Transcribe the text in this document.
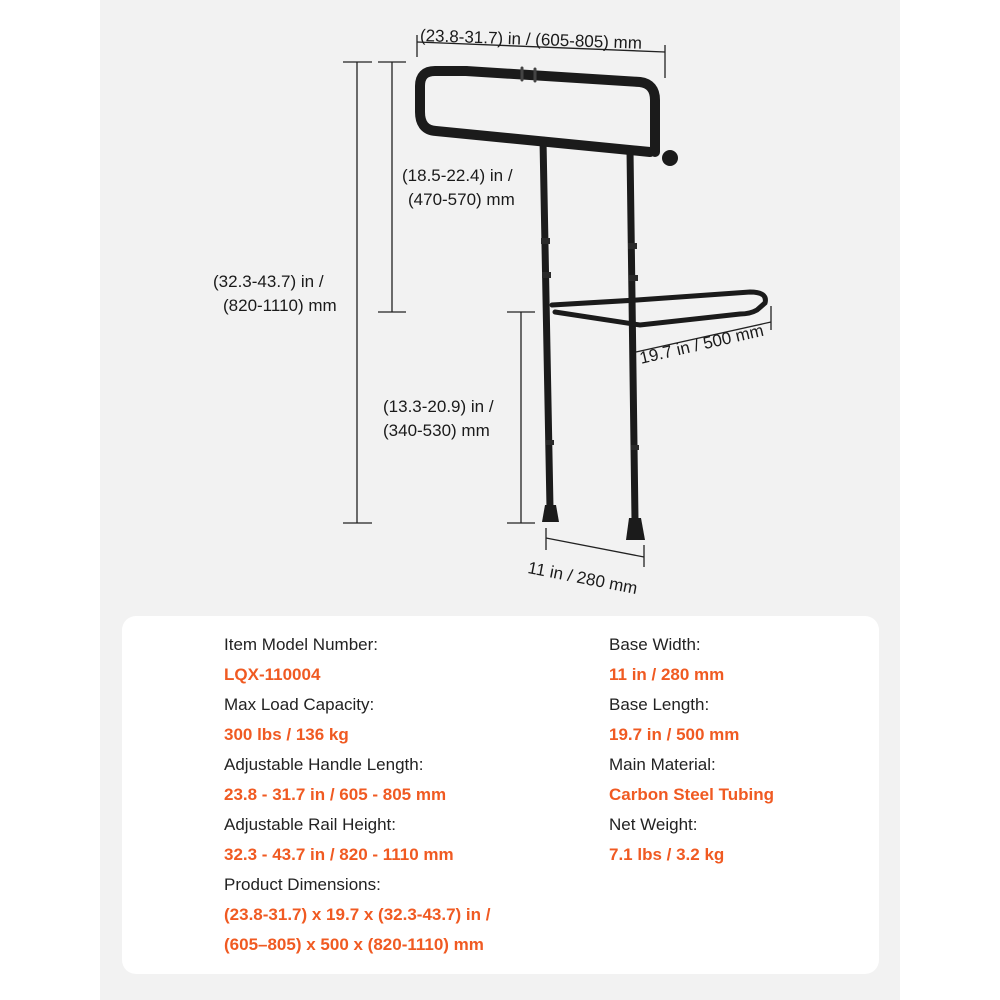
(23.8-31.7) in / (605-805) mm
(18.5-22.4) in /
(470-570) mm
(32.3-43.7) in /
(820-1110) mm
19.7 in / 500 mm
(13.3-20.9) in /
(340-530) mm
11 in / 280 mm
Item Model Number:
LQX-110004
Max Load Capacity:
300 lbs / 136 kg
Adjustable Handle Length:
23.8 - 31.7 in / 605 - 805 mm
Adjustable Rail Height:
32.3 - 43.7 in / 820 - 1110 mm
Product Dimensions:
(23.8-31.7) x 19.7 x (32.3-43.7) in /
(605–805) x 500 x (820-1110) mm
Base Width:
11 in / 280 mm
Base Length:
19.7 in / 500 mm
Main Material:
Carbon Steel Tubing
Net Weight:
7.1 lbs / 3.2 kg
